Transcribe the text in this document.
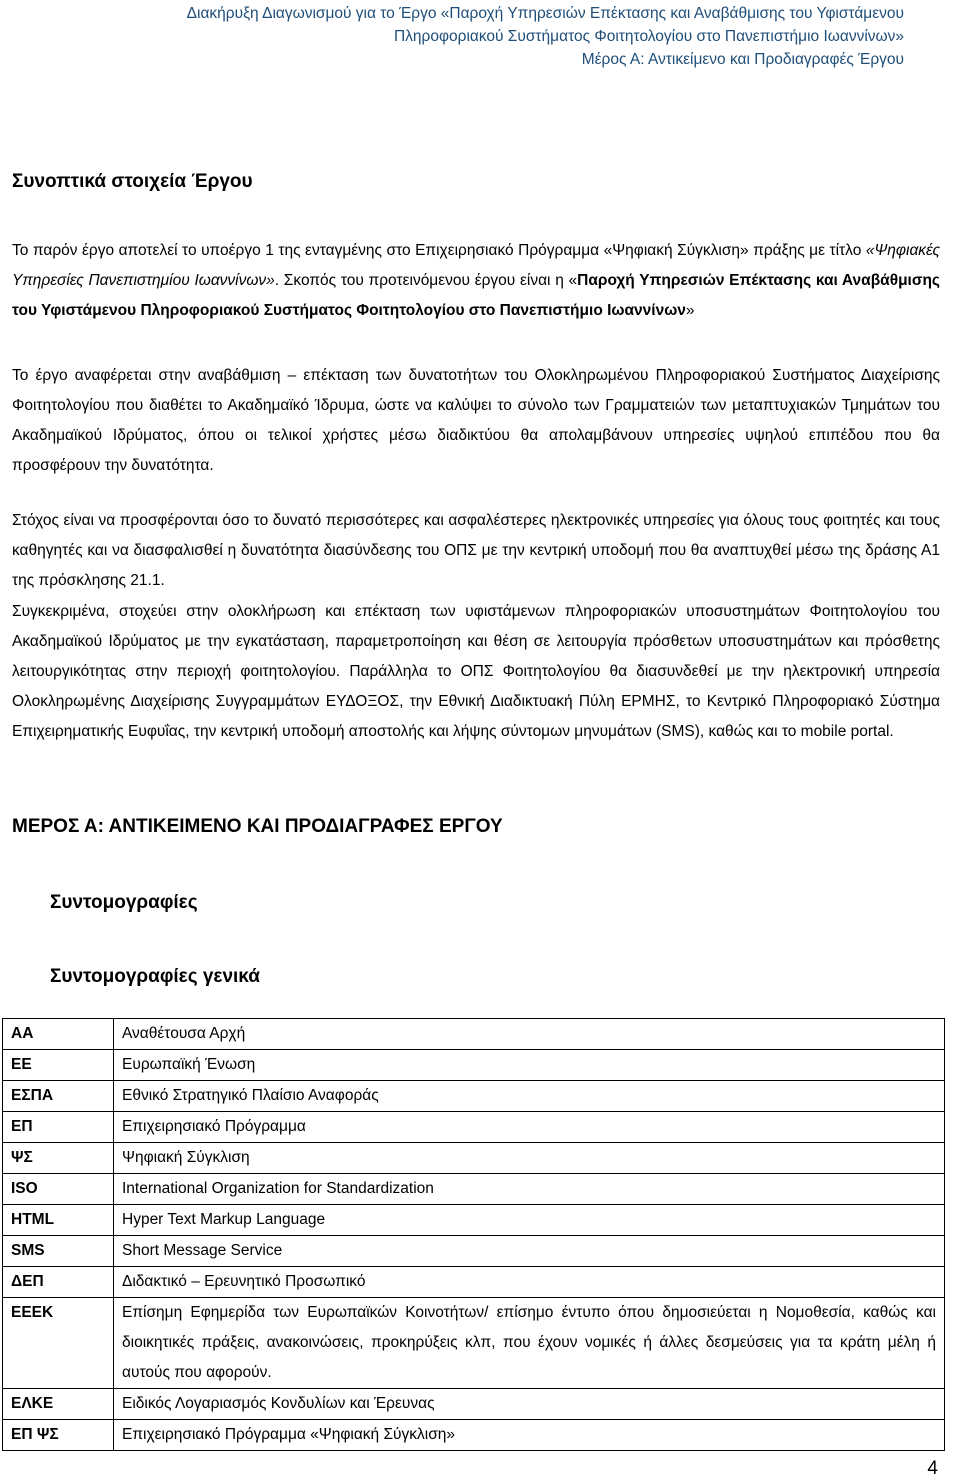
Διακήρυξη Διαγωνισμού για το Έργο «Παροχή Υπηρεσιών Επέκτασης και Αναβάθμισης του Υφιστάμενου
Πληροφοριακού Συστήματος Φοιτητολογίου στο Πανεπιστήμιο Ιωαννίνων»
Μέρος Α: Αντικείμενο και Προδιαγραφές Έργου
Συνοπτικά στοιχεία Έργου

Το παρόν έργο αποτελεί το υποέργο 1 της ενταγμένης στο Επιχειρησιακό Πρόγραμμα «Ψηφιακή Σύγκλιση» πράξης με τίτλο «Ψηφιακές Υπηρεσίες Πανεπιστημίου Ιωαννίνων». Σκοπός του προτεινόμενου έργου είναι η «Παροχή Υπηρεσιών Επέκτασης και Αναβάθμισης του Υφιστάμενου Πληροφοριακού Συστήματος Φοιτητολογίου στο Πανεπιστήμιο Ιωαννίνων»

Το έργο αναφέρεται στην αναβάθμιση – επέκταση των δυνατοτήτων του Ολοκληρωμένου Πληροφοριακού Συστήματος Διαχείρισης Φοιτητολογίου που διαθέτει το Ακαδημαϊκό Ίδρυμα, ώστε να καλύψει το σύνολο των Γραμματειών των μεταπτυχιακών Τμημάτων του Ακαδημαϊκού Ιδρύματος, όπου οι τελικοί χρήστες μέσω διαδικτύου θα απολαμβάνουν υπηρεσίες υψηλού επιπέδου που θα προσφέρουν την δυνατότητα.

Στόχος είναι να προσφέρονται όσο το δυνατό περισσότερες και ασφαλέστερες ηλεκτρονικές υπηρεσίες για όλους τους φοιτητές και τους καθηγητές και να διασφαλισθεί η δυνατότητα διασύνδεσης του ΟΠΣ με την κεντρική υποδομή που θα αναπτυχθεί μέσω της δράσης Α1 της πρόσκλησης 21.1.

Συγκεκριμένα, στοχεύει στην ολοκλήρωση και επέκταση των υφιστάμενων πληροφοριακών υποσυστημάτων Φοιτητολογίου του Ακαδημαϊκού Ιδρύματος με την εγκατάσταση, παραμετροποίηση και θέση σε λειτουργία πρόσθετων υποσυστημάτων και πρόσθετης λειτουργικότητας στην περιοχή φοιτητολογίου. Παράλληλα το ΟΠΣ Φοιτητολογίου θα διασυνδεθεί με την ηλεκτρονική υπηρεσία Ολοκληρωμένης Διαχείρισης Συγγραμμάτων ΕΥΔΟΞΟΣ, την Εθνική Διαδικτυακή Πύλη ΕΡΜΗΣ, το Κεντρικό Πληροφοριακό Σύστημα Επιχειρηματικής Ευφυΐας, την κεντρική υποδομή αποστολής και λήψης σύντομων μηνυμάτων (SMS), καθώς και το mobile portal.

ΜΕΡΟΣ Α: ΑΝΤΙΚΕΙΜΕΝΟ ΚΑΙ ΠΡΟΔΙΑΓΡΑΦΕΣ ΕΡΓΟΥ
Συντομογραφίες
Συντομογραφίες γενικά
ΑΑ	Αναθέτουσα Αρχή
ΕΕ	Ευρωπαϊκή Ένωση
ΕΣΠΑ	Εθνικό Στρατηγικό Πλαίσιο Αναφοράς
ΕΠ	Επιχειρησιακό Πρόγραμμα
ΨΣ	Ψηφιακή Σύγκλιση
ISO	International Organization for Standardization
HTML	Hyper Text Markup Language
SMS	Short Message Service
ΔΕΠ	Διδακτικό – Ερευνητικό Προσωπικό
ΕΕΕΚ	Επίσημη Εφημερίδα των Ευρωπαϊκών Κοινοτήτων/ επίσημο έντυπο όπου δημοσιεύεται η Νομοθεσία, καθώς και διοικητικές πράξεις, ανακοινώσεις, προκηρύξεις κλπ, που έχουν νομικές ή άλλες δεσμεύσεις για τα κράτη μέλη ή αυτούς που αφορούν.
ΕΛΚΕ	Ειδικός Λογαριασμός Κονδυλίων και Έρευνας
ΕΠ ΨΣ	Επιχειρησιακό Πρόγραμμα «Ψηφιακή Σύγκλιση»
4
